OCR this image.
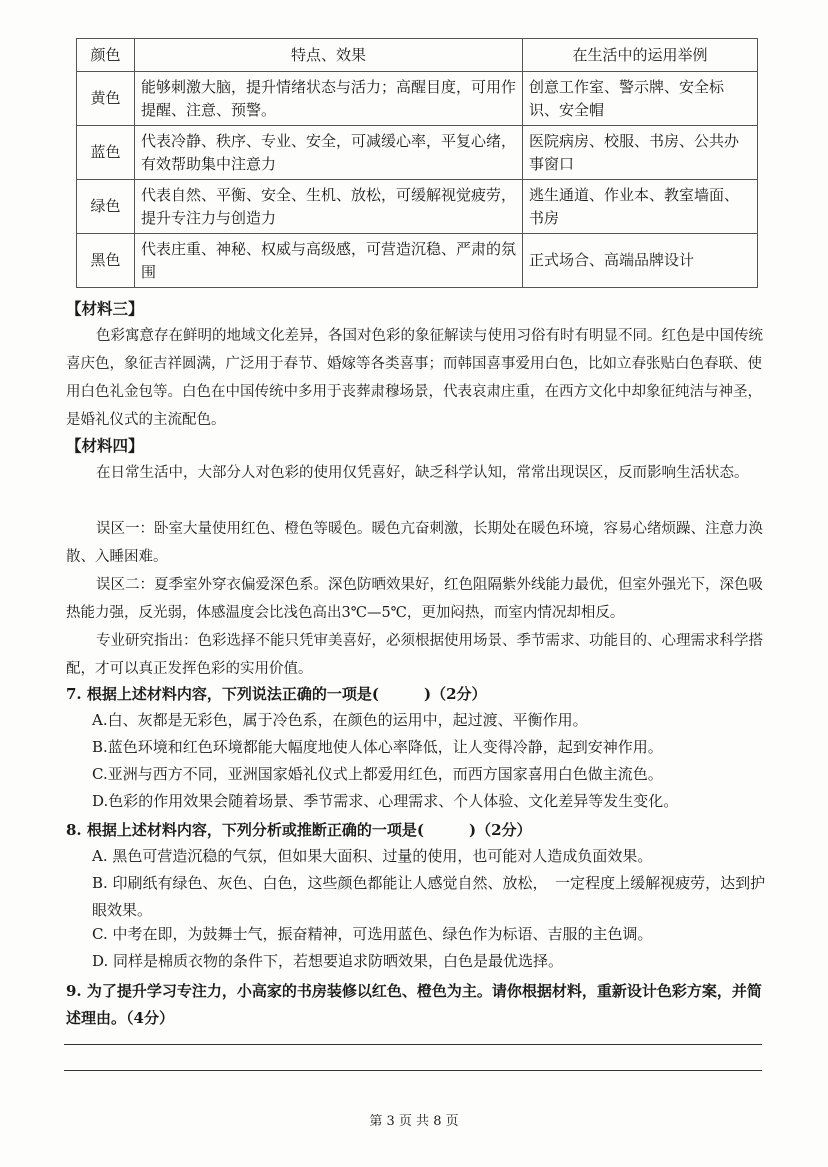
颜色	特点、效果	在生活中的运用举例
黄色	能够刺激大脑，提升情绪状态与活力；高醒目度，可用作提醒、注意、预警。	创意工作室、警示牌、安全标识、安全帽
蓝色	代表冷静、秩序、专业、安全，可减缓心率，平复心绪，有效帮助集中注意力	医院病房、校服、书房、公共办事窗口
绿色	代表自然、平衡、安全、生机、放松，可缓解视觉疲劳，提升专注力与创造力	逃生通道、作业本、教室墙面、书房
黑色	代表庄重、神秘、权威与高级感，可营造沉稳、严肃的氛围	正式场合、高端品牌设计
【材料三】

色彩寓意存在鲜明的地域文化差异，各国对色彩的象征解读与使用习俗有时有明显不同。红色是中国传统喜庆色，象征吉祥圆满，广泛用于春节、婚嫁等各类喜事；而韩国喜事爱用白色，比如立春张贴白色春联、使用白色礼金包等。白色在中国传统中多用于丧葬肃穆场景，代表哀肃庄重，在西方文化中却象征纯洁与神圣，是婚礼仪式的主流配色。

【材料四】

在日常生活中，大部分人对色彩的使用仅凭喜好，缺乏科学认知，常常出现误区，反而影响生活状态。

误区一：卧室大量使用红色、橙色等暖色。暖色亢奋刺激，长期处在暖色环境，容易心绪烦躁、注意力涣散、入睡困难。

误区二：夏季室外穿衣偏爱深色系。深色防晒效果好，红色阻隔紫外线能力最优，但室外强光下，深色吸热能力强，反光弱，体感温度会比浅色高出3℃—5℃，更加闷热，而室内情况却相反。

专业研究指出：色彩选择不能只凭审美喜好，必须根据使用场景、季节需求、功能目的、心理需求科学搭配，才可以真正发挥色彩的实用价值。

7. 根据上述材料内容，下列说法正确的一项是(　　　)（2分）

A.白、灰都是无彩色，属于冷色系，在颜色的运用中，起过渡、平衡作用。

B.蓝色环境和红色环境都能大幅度地使人体心率降低，让人变得冷静，起到安神作用。

C.亚洲与西方不同，亚洲国家婚礼仪式上都爱用红色，而西方国家喜用白色做主流色。

D.色彩的作用效果会随着场景、季节需求、心理需求、个人体验、文化差异等发生变化。

8. 根据上述材料内容，下列分析或推断正确的一项是(　　　)（2分）

A. 黑色可营造沉稳的气氛，但如果大面积、过量的使用，也可能对人造成负面效果。

B. 印刷纸有绿色、灰色、白色，这些颜色都能让人感觉自然、放松，　一定程度上缓解视疲劳，达到护眼效果。

C. 中考在即，为鼓舞士气，振奋精神，可选用蓝色、绿色作为标语、吉服的主色调。

D. 同样是棉质衣物的条件下，若想要追求防晒效果，白色是最优选择。

9. 为了提升学习专注力，小高家的书房装修以红色、橙色为主。请你根据材料，重新设计色彩方案，并简述理由。（4分）

第 3 页 共 8 页
